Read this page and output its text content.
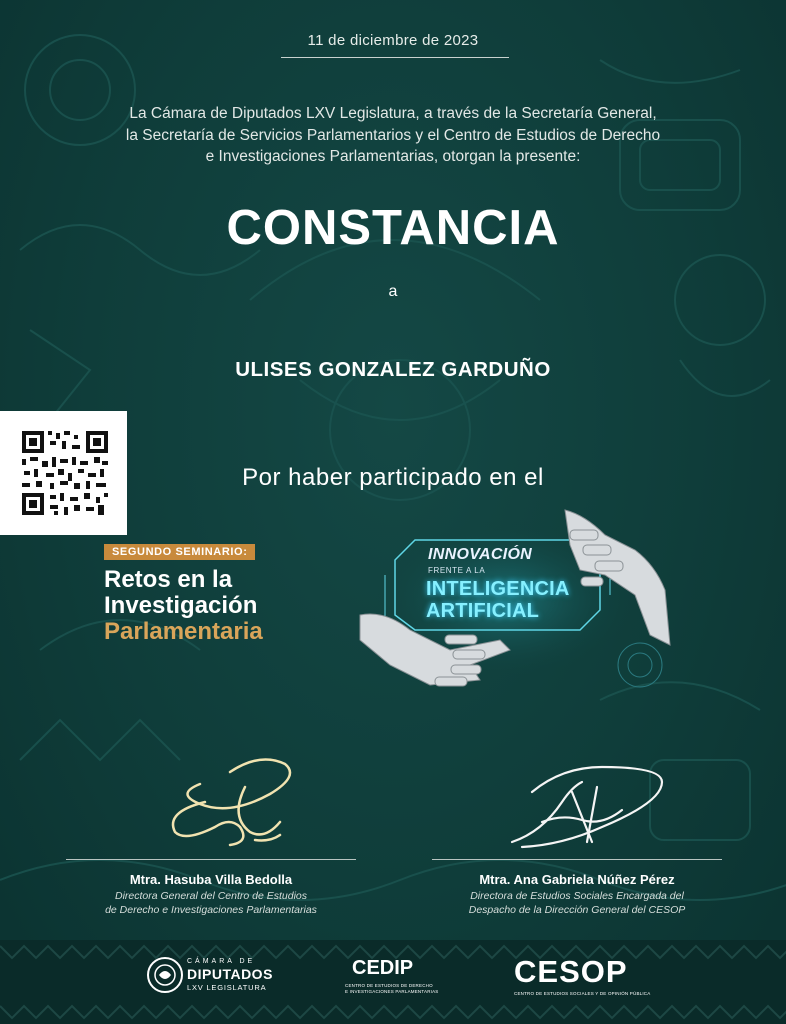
11 de diciembre de 2023
La Cámara de Diputados LXV Legislatura, a través de la Secretaría General,
la Secretaría de Servicios Parlamentarios y el Centro de Estudios de Derecho
e Investigaciones Parlamentarias, otorgan la presente:
CONSTANCIA
a
ULISES GONZALEZ GARDUÑO
Por haber participado en el
SEGUNDO SEMINARIO:
Retos en la
Investigación
Parlamentaria
INNOVACIÓN
FRENTE A LA
INTELIGENCIA
ARTIFICIAL
Mtra. Hasuba Villa Bedolla
Directora General del Centro de Estudios
de Derecho e Investigaciones Parlamentarias
Mtra. Ana Gabriela Núñez Pérez
Directora de Estudios Sociales Encargada del
Despacho de la Dirección General del CESOP
CÁMARA DE
DIPUTADOS
LXV LEGISLATURA
CEDIP
CENTRO DE ESTUDIOS DE DERECHO
E INVESTIGACIONES PARLAMENTARIAS
CESOP
CENTRO DE ESTUDIOS SOCIALES Y DE OPINIÓN PÚBLICA
